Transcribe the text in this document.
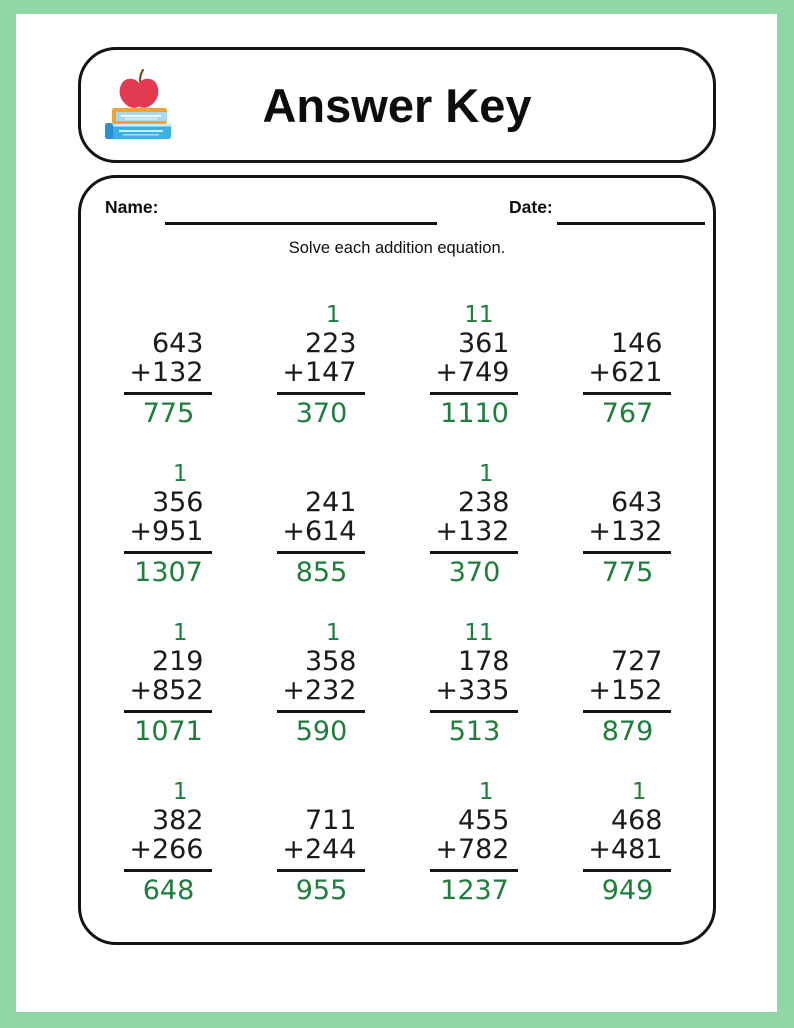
Answer Key
Name:	Date:
Solve each addition equation.
643
+132
775
1
223
+147
370
11
361
+749
1110
146
+621
767
1
356
+951
1307
241
+614
855
1
238
+132
370
643
+132
775
1
219
+852
1071
1
358
+232
590
11
178
+335
513
727
+152
879
1
382
+266
648
711
+244
955
1
455
+782
1237
1
468
+481
949
